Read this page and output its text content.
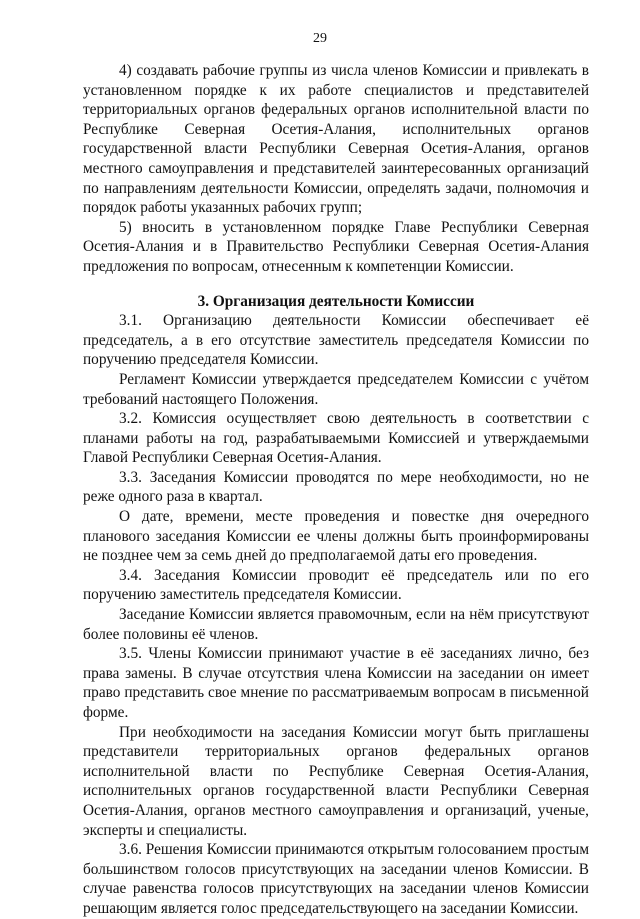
29

4) создавать рабочие группы из числа членов Комиссии и привлекать в установленном порядке к их работе специалистов и представителей территориальных органов федеральных органов исполнительной власти по Республике Северная Осетия-Алания, исполнительных органов государственной власти Республики Северная Осетия-Алания, органов местного самоуправления и представителей заинтересованных организаций по направлениям деятельности Комиссии, определять задачи, полномочия и порядок работы указанных рабочих групп;

5) вносить в установленном порядке Главе Республики Северная Осетия-Алания и в Правительство Республики Северная Осетия-Алания предложения по вопросам, отнесенным к компетенции Комиссии.

3. Организация деятельности Комиссии

3.1. Организацию деятельности Комиссии обеспечивает её председатель, а в его отсутствие заместитель председателя Комиссии по поручению председателя Комиссии.

Регламент Комиссии утверждается председателем Комиссии с учётом требований настоящего Положения.

3.2. Комиссия осуществляет свою деятельность в соответствии с планами работы на год, разрабатываемыми Комиссией и утверждаемыми Главой Республики Северная Осетия-Алания.

3.3. Заседания Комиссии проводятся по мере необходимости, но не реже одного раза в квартал.

О дате, времени, месте проведения и повестке дня очередного планового заседания Комиссии ее члены должны быть проинформированы не позднее чем за семь дней до предполагаемой даты его проведения.

3.4. Заседания Комиссии проводит её председатель или по его поручению заместитель председателя Комиссии.

Заседание Комиссии является правомочным, если на нём присутствуют более половины её членов.

3.5. Члены Комиссии принимают участие в её заседаниях лично, без права замены. В случае отсутствия члена Комиссии на заседании он имеет право представить свое мнение по рассматриваемым вопросам в письменной форме.

При необходимости на заседания Комиссии могут быть приглашены представители территориальных органов федеральных органов исполнительной власти по Республике Северная Осетия-Алания, исполнительных органов государственной власти Республики Северная Осетия-Алания, органов местного самоуправления и организаций, ученые, эксперты и специалисты.

3.6. Решения Комиссии принимаются открытым голосованием простым большинством голосов присутствующих на заседании членов Комиссии. В случае равенства голосов присутствующих на заседании членов Комиссии решающим является голос председательствующего на заседании Комиссии.
